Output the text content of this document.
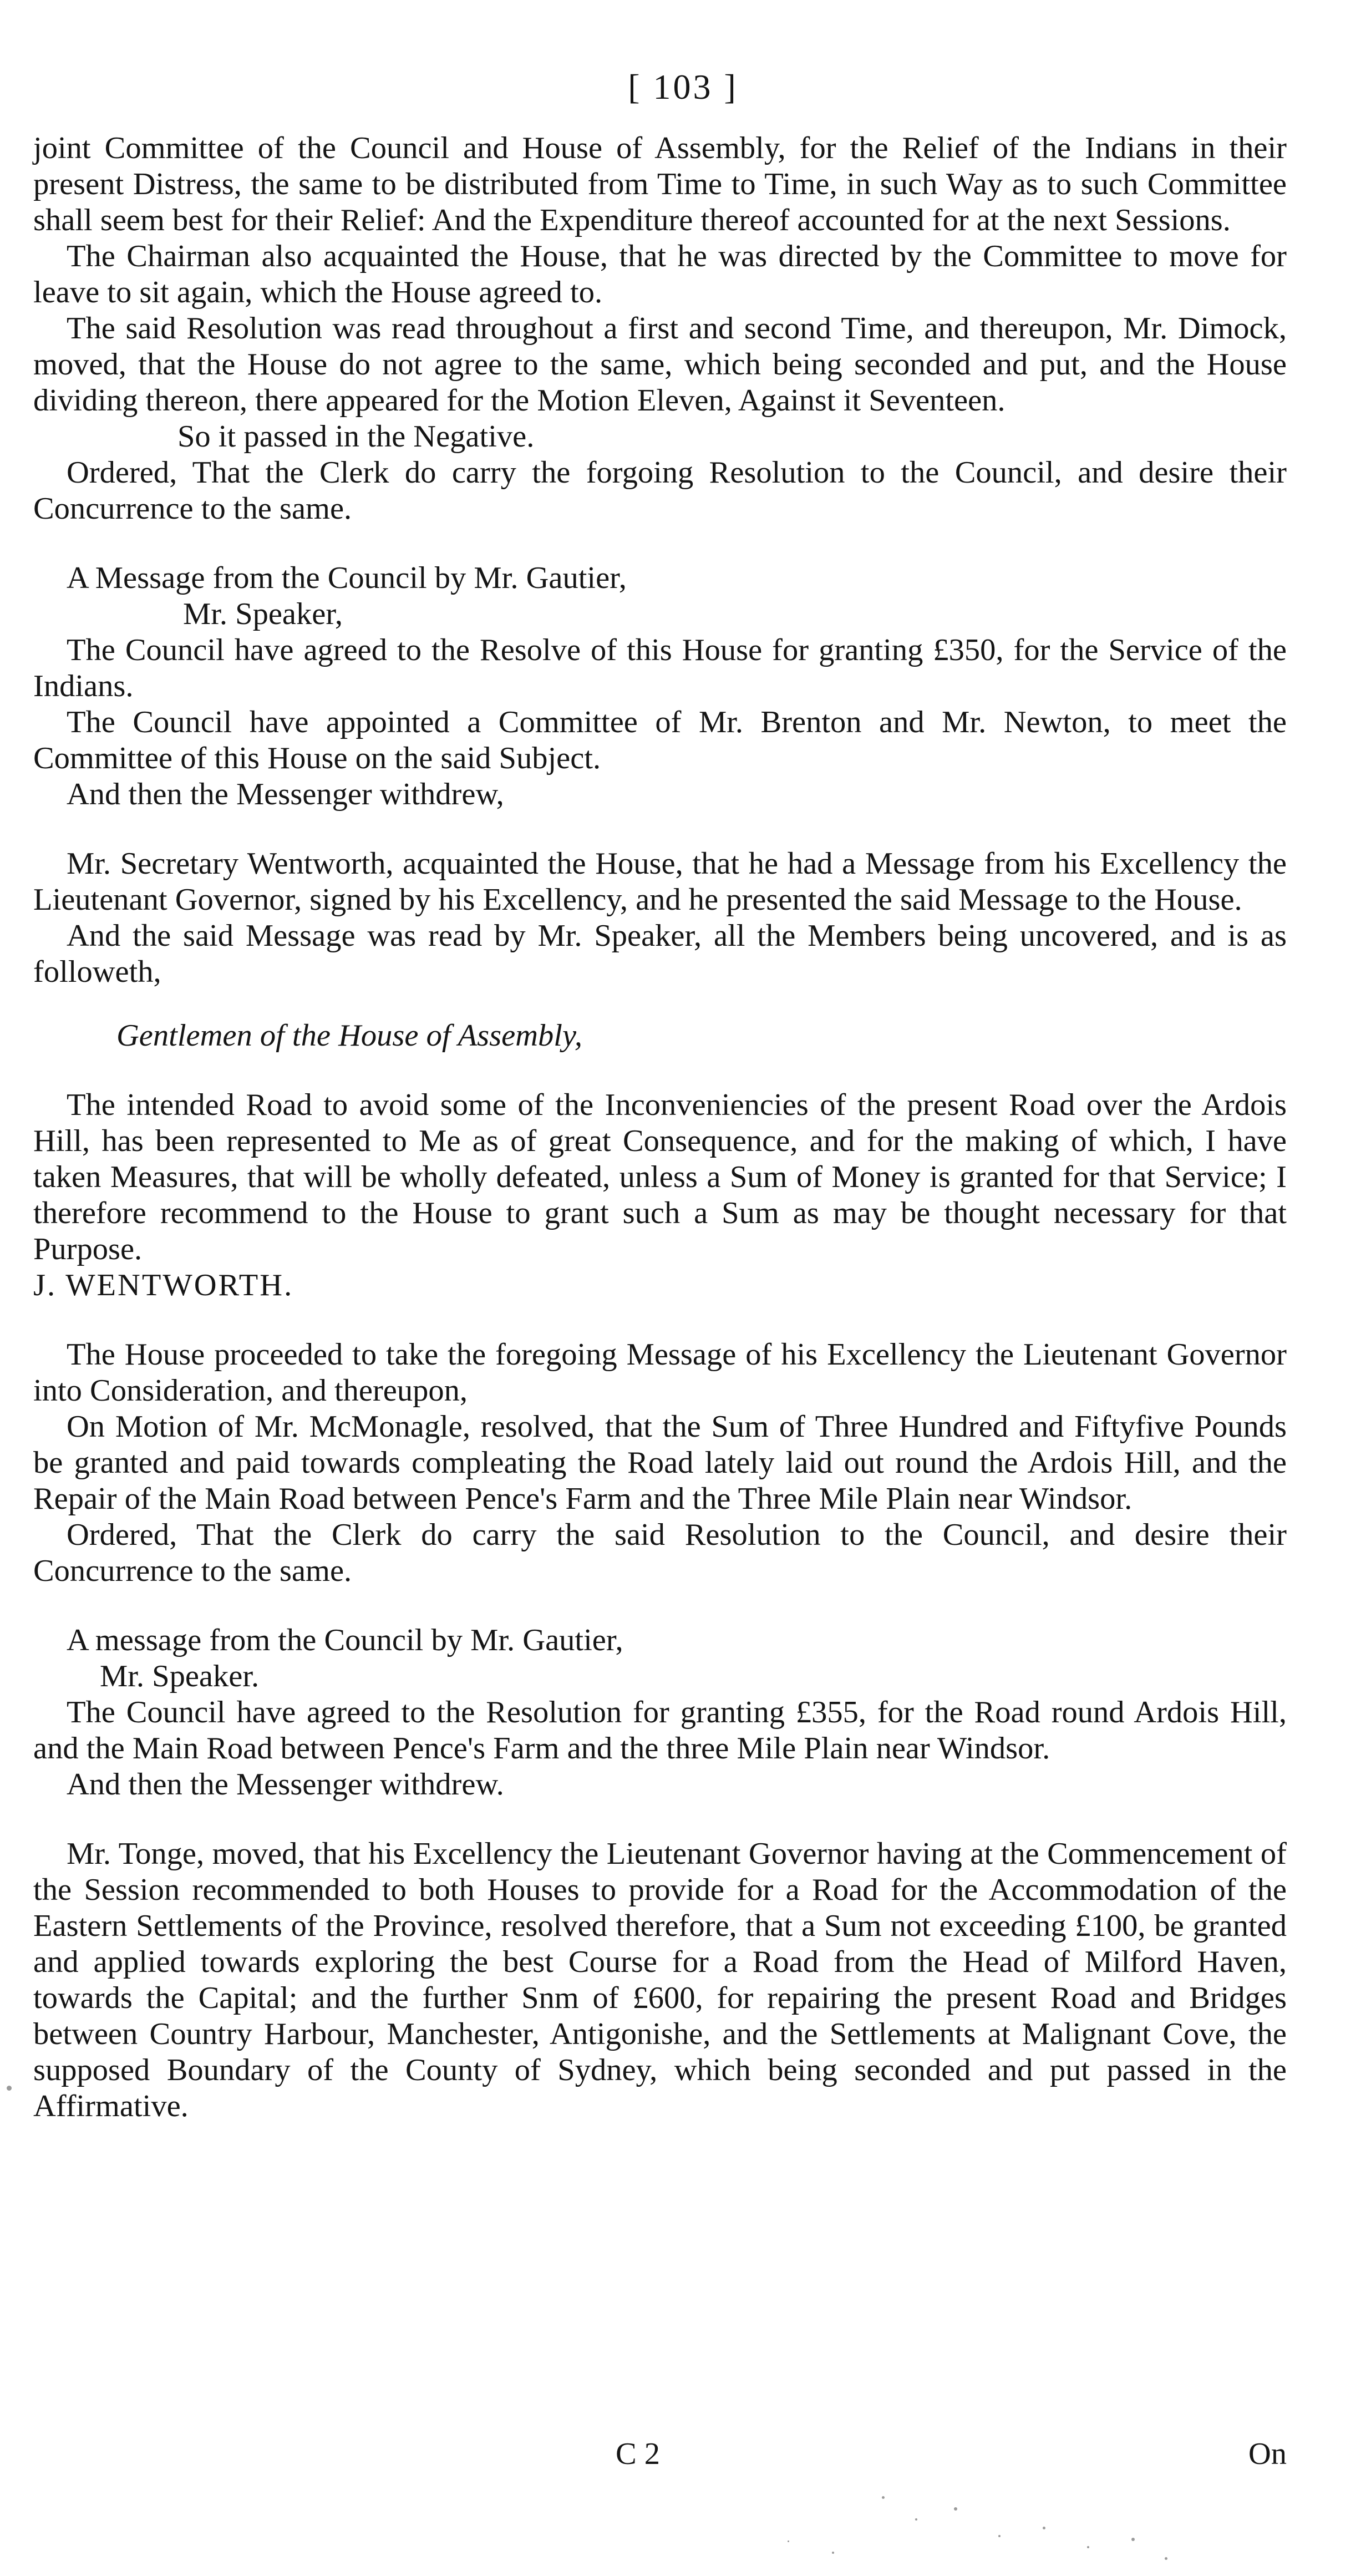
[ 103 ]

joint Committee of the Council and House of Assembly, for the Relief of the Indians in their present Distress, the same to be distributed from Time to Time, in such Way as to such Committee shall seem best for their Relief: And the Expenditure thereof accounted for at the next Sessions.

The Chairman also acquainted the House, that he was directed by the Committee to move for leave to sit again, which the House agreed to.

The said Resolution was read throughout a first and second Time, and thereupon, Mr. Dimock, moved, that the House do not agree to the same, which being seconded and put, and the House dividing thereon, there appeared for the Motion Eleven, Against it Seventeen.

So it passed in the Negative.

Ordered, That the Clerk do carry the forgoing Resolution to the Council, and desire their Concurrence to the same.

A Message from the Council by Mr. Gautier,

Mr. Speaker,

The Council have agreed to the Resolve of this House for granting £350, for the Service of the Indians.

The Council have appointed a Committee of Mr. Brenton and Mr. Newton, to meet the Committee of this House on the said Subject.

And then the Messenger withdrew,

Mr. Secretary Wentworth, acquainted the House, that he had a Message from his Excellency the Lieutenant Governor, signed by his Excellency, and he presented the said Message to the House.

And the said Message was read by Mr. Speaker, all the Members being uncovered, and is as followeth,

Gentlemen of the House of Assembly,

The intended Road to avoid some of the Inconveniencies of the present Road over the Ardois Hill, has been represented to Me as of great Consequence, and for the making of which, I have taken Measures, that will be wholly defeated, unless a Sum of Money is granted for that Service; I therefore recommend to the House to grant such a Sum as may be thought necessary for that Purpose.

J. WENTWORTH.

The House proceeded to take the foregoing Message of his Excellency the Lieutenant Governor into Consideration, and thereupon,

On Motion of Mr. McMonagle, resolved, that the Sum of Three Hundred and Fiftyfive Pounds be granted and paid towards compleating the Road lately laid out round the Ardois Hill, and the Repair of the Main Road between Pence's Farm and the Three Mile Plain near Windsor.

Ordered, That the Clerk do carry the said Resolution to the Council, and desire their Concurrence to the same.

A message from the Council by Mr. Gautier,

Mr. Speaker.

The Council have agreed to the Resolution for granting £355, for the Road round Ardois Hill, and the Main Road between Pence's Farm and the three Mile Plain near Windsor.

And then the Messenger withdrew.

Mr. Tonge, moved, that his Excellency the Lieutenant Governor having at the Commencement of the Session recommended to both Houses to provide for a Road for the Accommodation of the Eastern Settlements of the Province, resolved therefore, that a Sum not exceeding £100, be granted and applied towards exploring the best Course for a Road from the Head of Milford Haven, towards the Capital; and the further Snm of £600, for repairing the present Road and Bridges between Country Harbour, Manchester, Antigonishe, and the Settlements at Malignant Cove, the supposed Boundary of the County of Sydney, which being seconded and put passed in the Affirmative.

C 2	On
